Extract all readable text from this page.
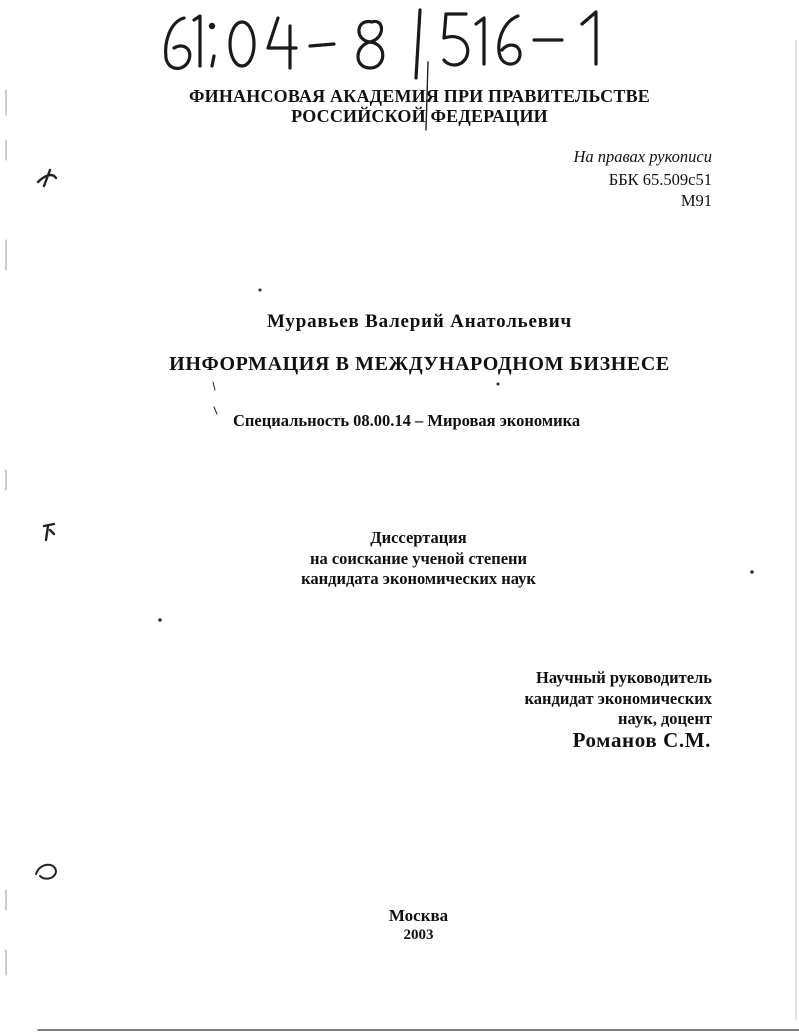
ФИНАНСОВАЯ АКАДЕМИЯ ПРИ ПРАВИТЕЛЬСТВЕ
РОССИЙСКОЙ ФЕДЕРАЦИИ
На правах рукописи
ББК 65.509с51
М91
Муравьев Валерий Анатольевич
ИНФОРМАЦИЯ В МЕЖДУНАРОДНОМ БИЗНЕСЕ
Специальность 08.00.14 – Мировая экономика
Диссертация
на соискание ученой степени
кандидата экономических наук
Научный руководитель
кандидат экономических
наук, доцент
Романов С.М.
Москва
2003
